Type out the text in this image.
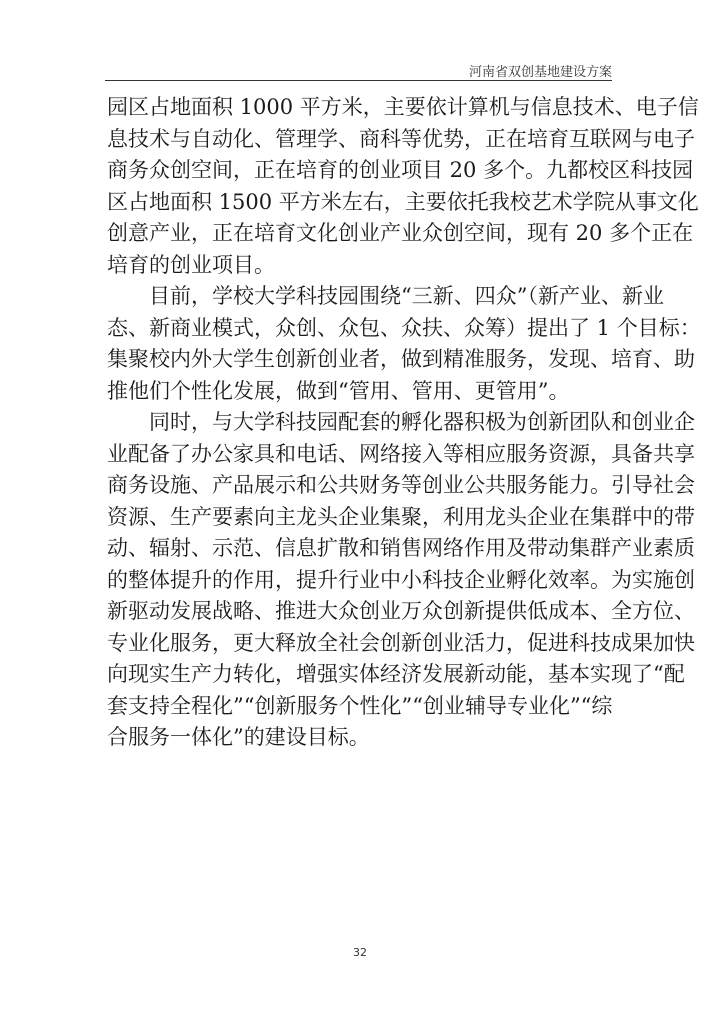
河南省双创基地建设方案
园区占地面积 1000 平方米，主要依计算机与信息技术、电子信
息技术与自动化、管理学、商科等优势，正在培育互联网与电子
商务众创空间，正在培育的创业项目 20 多个。九都校区科技园
区占地面积 1500 平方米左右，主要依托我校艺术学院从事文化
创意产业，正在培育文化创业产业众创空间，现有 20 多个正在
培育的创业项目。
目前，学校大学科技园围绕“三新、四众”（新产业、新业
态、新商业模式，众创、众包、众扶、众筹）提出了 1 个目标：
集聚校内外大学生创新创业者，做到精准服务，发现、培育、助
推他们个性化发展，做到“管用、管用、更管用”。
同时，与大学科技园配套的孵化器积极为创新团队和创业企
业配备了办公家具和电话、网络接入等相应服务资源，具备共享
商务设施、产品展示和公共财务等创业公共服务能力。引导社会
资源、生产要素向主龙头企业集聚，利用龙头企业在集群中的带
动、辐射、示范、信息扩散和销售网络作用及带动集群产业素质
的整体提升的作用，提升行业中小科技企业孵化效率。为实施创
新驱动发展战略、推进大众创业万众创新提供低成本、全方位、
专业化服务，更大释放全社会创新创业活力，促进科技成果加快
向现实生产力转化，增强实体经济发展新动能，基本实现了“配
套支持全程化”“创新服务个性化”“创业辅导专业化”“综
合服务一体化”的建设目标。
32
